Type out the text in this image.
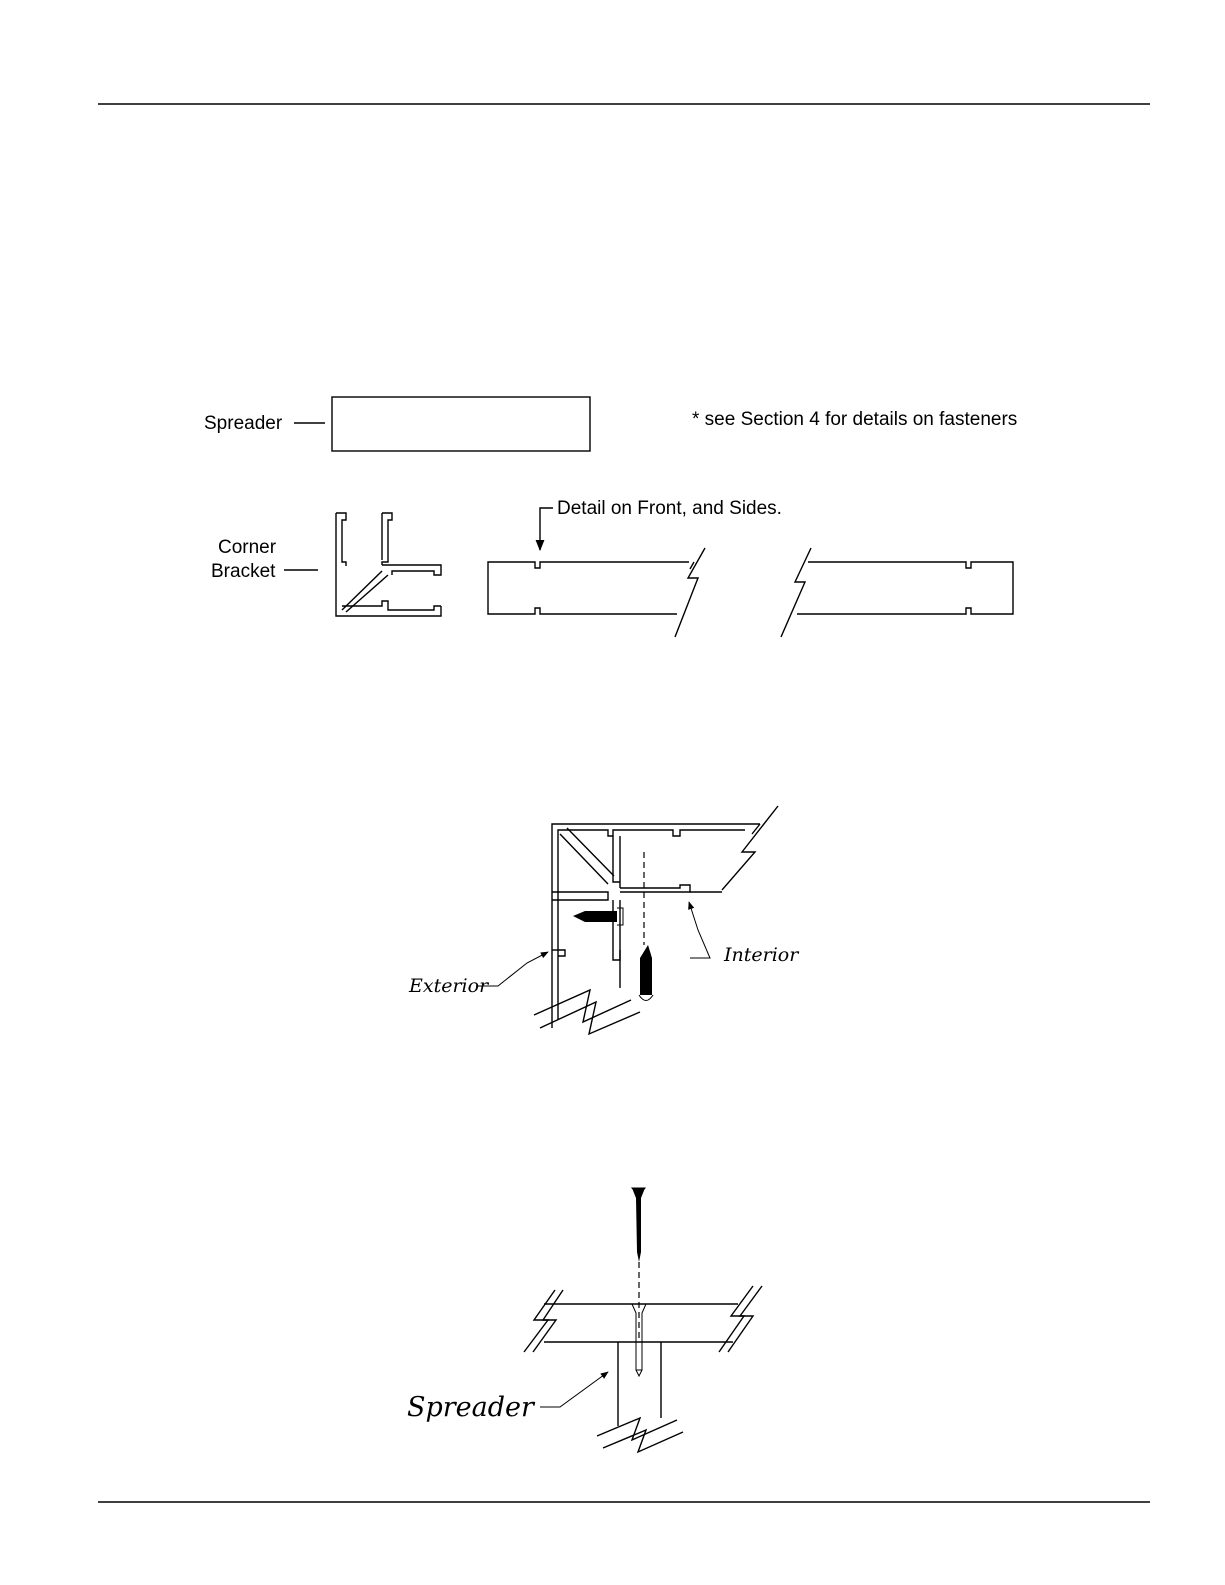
Spreader	* see Section 4 for details on fasteners
Corner
Bracket
Detail on Front, and Sides.
Exterior
Interior
Spreader
